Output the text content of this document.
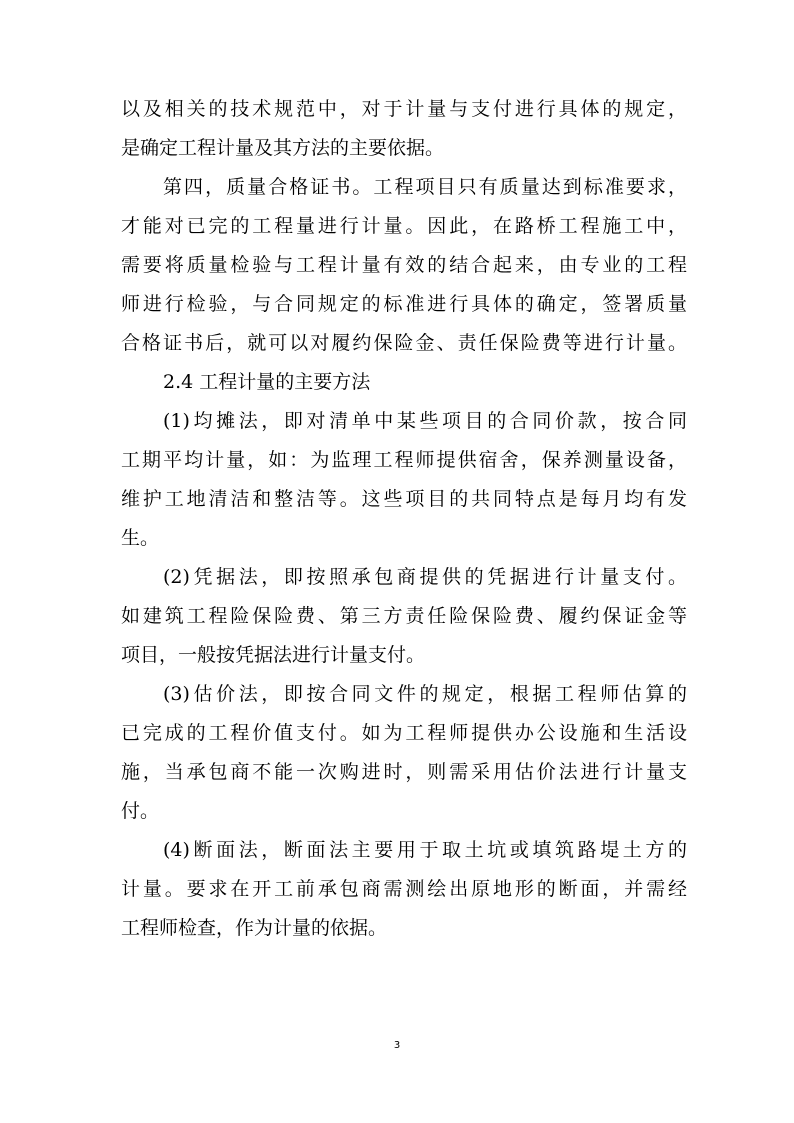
以及相关的技术规范中，对于计量与支付进行具体的规定，
是确定工程计量及其方法的主要依据。
第四，质量合格证书。工程项目只有质量达到标准要求，
才能对已完的工程量进行计量。因此，在路桥工程施工中，
需要将质量检验与工程计量有效的结合起来，由专业的工程
师进行检验，与合同规定的标准进行具体的确定，签署质量
合格证书后，就可以对履约保险金、责任保险费等进行计量。
2.4 工程计量的主要方法
(1)均摊法，即对清单中某些项目的合同价款，按合同
工期平均计量，如：为监理工程师提供宿舍，保养测量设备，
维护工地清洁和整洁等。这些项目的共同特点是每月均有发
生。
(2)凭据法，即按照承包商提供的凭据进行计量支付。
如建筑工程险保险费、第三方责任险保险费、履约保证金等
项目，一般按凭据法进行计量支付。
(3)估价法，即按合同文件的规定，根据工程师估算的
已完成的工程价值支付。如为工程师提供办公设施和生活设
施，当承包商不能一次购进时，则需采用估价法进行计量支
付。
(4)断面法，断面法主要用于取土坑或填筑路堤土方的
计量。要求在开工前承包商需测绘出原地形的断面，并需经
工程师检查，作为计量的依据。
3
